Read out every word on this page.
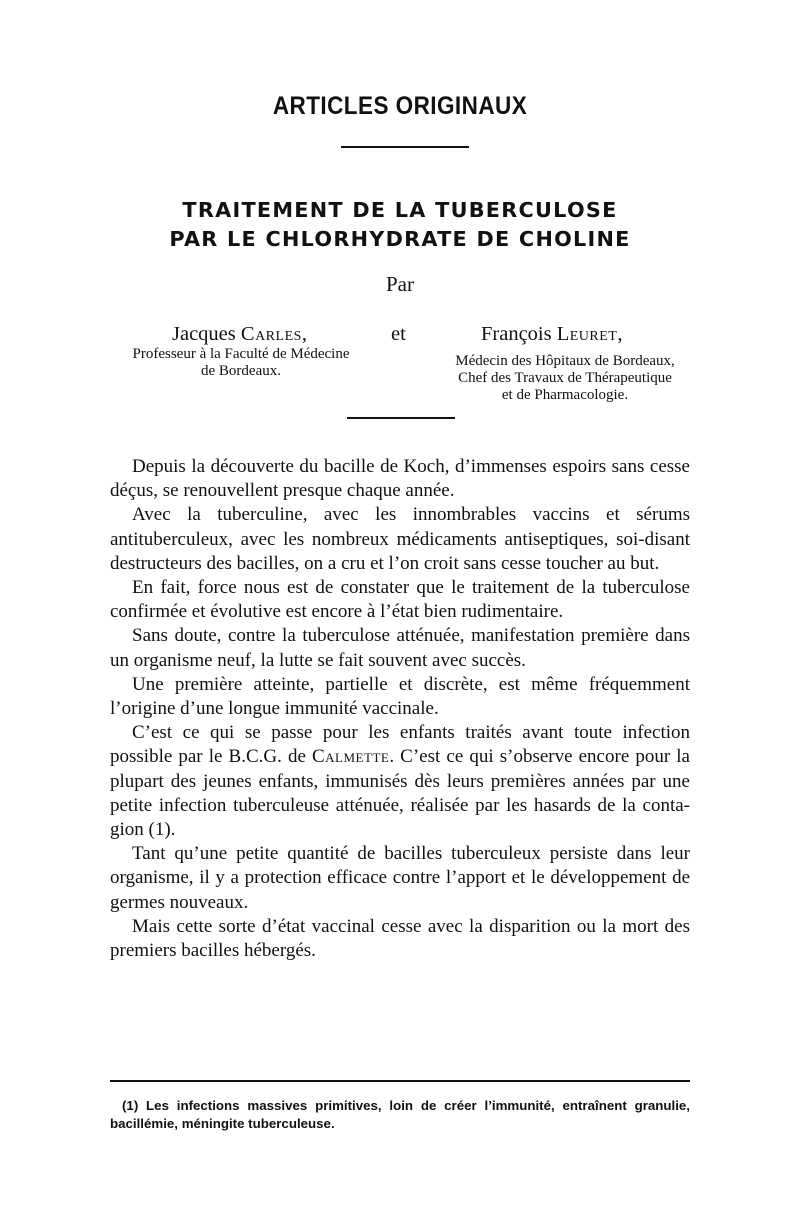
ARTICLES ORIGINAUX
TRAITEMENT DE LA TUBERCULOSE
PAR LE CHLORHYDRATE DE CHOLINE
Par
Jacques Carles,	et	François Leuret,
Professeur à la Faculté de Médecine
de Bordeaux.
Médecin des Hôpitaux de Bordeaux,
Chef des Travaux de Thérapeutique
et de Pharmacologie.

Depuis la découverte du bacille de Koch, d’immenses espoirs sans cesse déçus, se renouvellent presque chaque année.

Avec la tuberculine, avec les innombrables vaccins et sérums antituberculeux, avec les nombreux médicaments antiseptiques, soi-disant destructeurs des bacilles, on a cru et l’on croit sans cesse toucher au but.

En fait, force nous est de constater que le traitement de la tuberculose confirmée et évolutive est encore à l’état bien rudimentaire.

Sans doute, contre la tuberculose atténuée, manifestation première dans un organisme neuf, la lutte se fait souvent avec succès.

Une première atteinte, partielle et discrète, est même fréquemment l’origine d’une longue immunité vaccinale.

C’est ce qui se passe pour les enfants traités avant toute infection possible par le B.C.G. de Calmette. C’est ce qui s’observe encore pour la plupart des jeunes enfants, immunisés dès leurs premières années par une petite infection tuberculeuse atténuée, réalisée par les hasards de la contagion (1).

Tant qu’une petite quantité de bacilles tuberculeux persiste dans leur organisme, il y a protection efficace contre l’apport et le développement de germes nouveaux.

Mais cette sorte d’état vaccinal cesse avec la disparition ou la mort des premiers bacilles hébergés.

(1) Les infections massives primitives, loin de créer l’immunité, entraînent granulie, bacillémie, méningite tuberculeuse.
